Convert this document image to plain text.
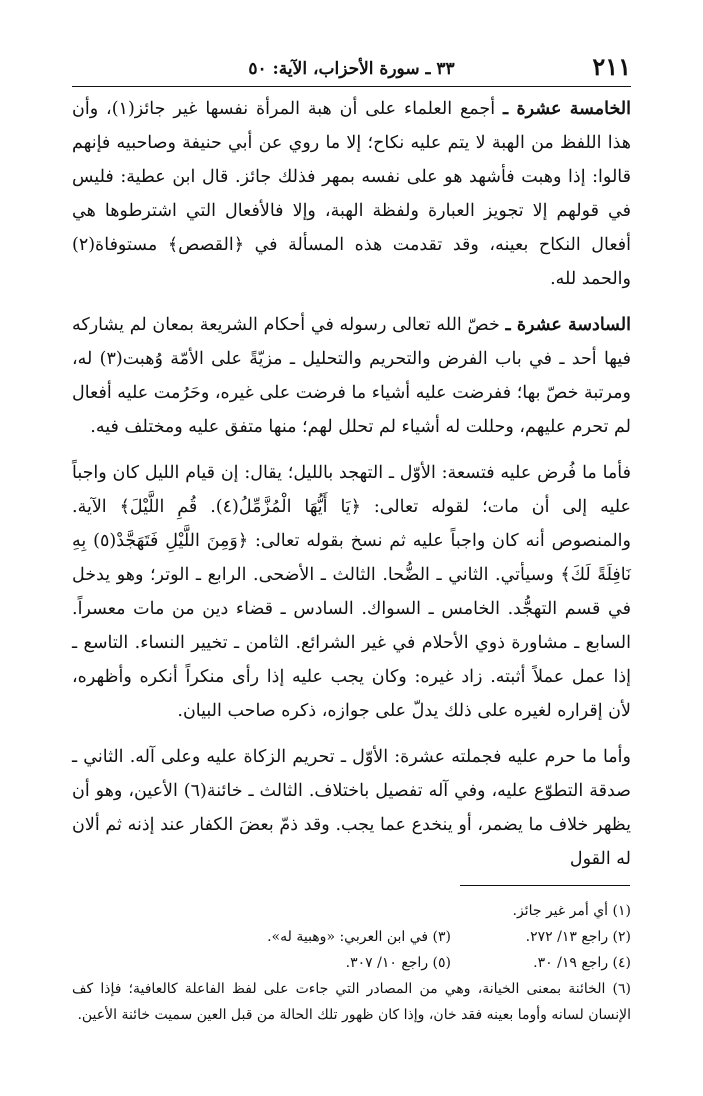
٢١١
٣٣ ـ سورة الأحزاب، الآية: ٥٠

الخامسة عشرة ـ أجمع العلماء على أن هبة المرأة نفسها غير جائز(١)، وأن هذا اللفظ من الهبة لا يتم عليه نكاح؛ إلا ما روي عن أبي حنيفة وصاحبيه فإنهم قالوا: إذا وهبت فأشهد هو على نفسه بمهر فذلك جائز. قال ابن عطية: فليس في قولهم إلا تجويز العبارة ولفظة الهبة، وإلا فالأفعال التي اشترطوها هي أفعال النكاح بعينه، وقد تقدمت هذه المسألة في ﴿القصص﴾ مستوفاة(٢) والحمد لله.

السادسة عشرة ـ خصّ الله تعالى رسوله في أحكام الشريعة بمعان لم يشاركه فيها أحد ـ في باب الفرض والتحريم والتحليل ـ مزيّةً على الأمّة وُهبت(٣) له، ومرتبة خصّ بها؛ ففرضت عليه أشياء ما فرضت على غيره، وحَرُمت عليه أفعال لم تحرم عليهم، وحللت له أشياء لم تحلل لهم؛ منها متفق عليه ومختلف فيه.

فأما ما فُرض عليه فتسعة: الأوّل ـ التهجد بالليل؛ يقال: إن قيام الليل كان واجباً عليه إلى أن مات؛ لقوله تعالى: ﴿يَا أَيُّهَا الْمُزَّمِّلُ(٤). قُمِ اللَّيْلَ﴾ الآية. والمنصوص أنه كان واجباً عليه ثم نسخ بقوله تعالى: ﴿وَمِنَ اللَّيْلِ فَتَهَجَّدْ(٥) بِهِ نَافِلَةً لَكَ﴾ وسيأتي. الثاني ـ الضُّحا. الثالث ـ الأضحى. الرابع ـ الوتر؛ وهو يدخل في قسم التهجُّد. الخامس ـ السواك. السادس ـ قضاء دين من مات معسراً. السابع ـ مشاورة ذوي الأحلام في غير الشرائع. الثامن ـ تخيير النساء. التاسع ـ إذا عمل عملاً أثبته. زاد غيره: وكان يجب عليه إذا رأى منكراً أنكره وأظهره، لأن إقراره لغيره على ذلك يدلّ على جوازه، ذكره صاحب البيان.

وأما ما حرم عليه فجملته عشرة: الأوّل ـ تحريم الزكاة عليه وعلى آله. الثاني ـ صدقة التطوّع عليه، وفي آله تفصيل باختلاف. الثالث ـ خائنة(٦) الأعين، وهو أن يظهر خلاف ما يضمر، أو ينخدع عما يجب. وقد ذمّ بعضَ الكفار عند إذنه ثم ألان له القول

(١) أي أمر غير جائز.
(٢) راجع ١٣/ ٢٧٢.
(٣) في ابن العربي: «وهبية له».
(٤) راجع ١٩/ ٣٠.
(٥) راجع ١٠/ ٣٠٧.
(٦) الخائنة بمعنى الخيانة، وهي من المصادر التي جاءت على لفظ الفاعلة كالعافية؛ فإذا كف الإنسان لسانه وأوما بعينه فقد خان، وإذا كان ظهور تلك الحالة من قبل العين سميت خائنة الأعين.
